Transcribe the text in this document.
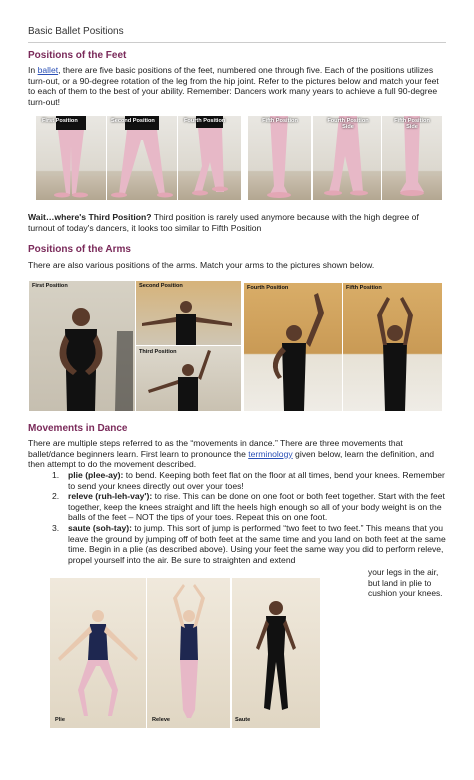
Basic Ballet Positions
Positions of the Feet
In ballet, there are five basic positions of the feet, numbered one through five. Each of the positions utilizes turn-out, or a 90-degree rotation of the leg from the hip joint. Refer to the pictures below and match your feet to each of them to the best of your ability. Remember: Dancers work many years to achieve a full 90-degree turn-out!
First Position	Second Position	Fourth Position	Fifth Position	Fourth Position Side
Fifth Position Side
Wait…where's Third Position? Third position is rarely used anymore because with the high degree of turnout of today's dancers, it looks too similar to Fifth Position
Positions of the Arms
There are also various positions of the arms. Match your arms to the pictures shown below.
First Position	Second Position
Third Position
Fourth Position	Fifth Position
Movements in Dance
There are multiple steps referred to as the “movements in dance.” There are three movements that ballet/dance beginners learn. First learn to pronounce the terminology given below, learn the definition, and then attempt to do the movement described.
1. plie (plee-ay): to bend. Keeping both feet flat on the floor at all times, bend your knees. Remember to send your knees directly out over your toes!
2. releve (ruh-leh-vay'): to rise. This can be done on one foot or both feet together. Start with the feet together, keep the knees straight and lift the heels high enough so all of your body weight is on the balls of the feet – NOT the tips of your toes. Repeat this on one foot.
3. saute (soh-tay): to jump. This sort of jump is performed “two feet to two feet.” This means that you leave the ground by jumping off of both feet at the same time and you land on both feet at the same time. Begin in a plie (as described above). Using your feet the same way you did to perform releve, propel yourself into the air. Be sure to straighten and extend
your legs in the air, but land in plie to cushion your knees.
Plie	Releve	Saute
